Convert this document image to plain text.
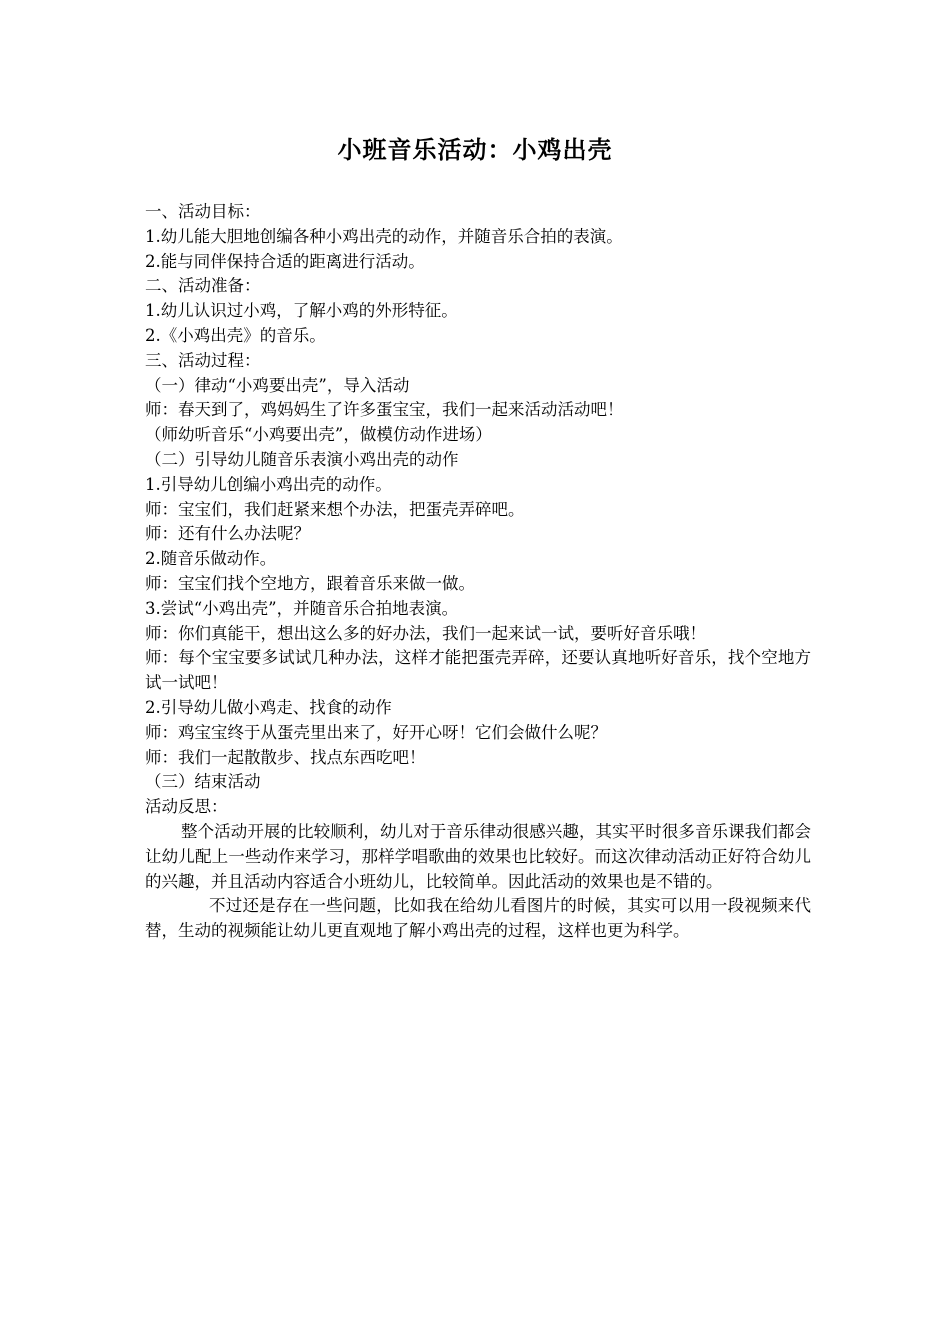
小班音乐活动：小鸡出壳
一、活动目标：
1.幼儿能大胆地创编各种小鸡出壳的动作，并随音乐合拍的表演。
2.能与同伴保持合适的距离进行活动。
二、活动准备：
1.幼儿认识过小鸡，了解小鸡的外形特征。
2.《小鸡出壳》的音乐。
三、活动过程：
（一）律动“小鸡要出壳”，导入活动
师：春天到了，鸡妈妈生了许多蛋宝宝，我们一起来活动活动吧！
（师幼听音乐“小鸡要出壳”，做模仿动作进场）
（二）引导幼儿随音乐表演小鸡出壳的动作
1.引导幼儿创编小鸡出壳的动作。
师：宝宝们，我们赶紧来想个办法，把蛋壳弄碎吧。
师：还有什么办法呢？
2.随音乐做动作。
师：宝宝们找个空地方，跟着音乐来做一做。
3.尝试“小鸡出壳”，并随音乐合拍地表演。
师：你们真能干，想出这么多的好办法，我们一起来试一试，要听好音乐哦！
师：每个宝宝要多试试几种办法，这样才能把蛋壳弄碎，还要认真地听好音乐，找个空地方试一试吧！
2.引导幼儿做小鸡走、找食的动作
师：鸡宝宝终于从蛋壳里出来了，好开心呀！它们会做什么呢？
师：我们一起散散步、找点东西吃吧！
（三）结束活动
活动反思：
整个活动开展的比较顺利，幼儿对于音乐律动很感兴趣，其实平时很多音乐课我们都会让幼儿配上一些动作来学习，那样学唱歌曲的效果也比较好。而这次律动活动正好符合幼儿的兴趣，并且活动内容适合小班幼儿，比较简单。因此活动的效果也是不错的。
不过还是存在一些问题，比如我在给幼儿看图片的时候，其实可以用一段视频来代替，生动的视频能让幼儿更直观地了解小鸡出壳的过程，这样也更为科学。
